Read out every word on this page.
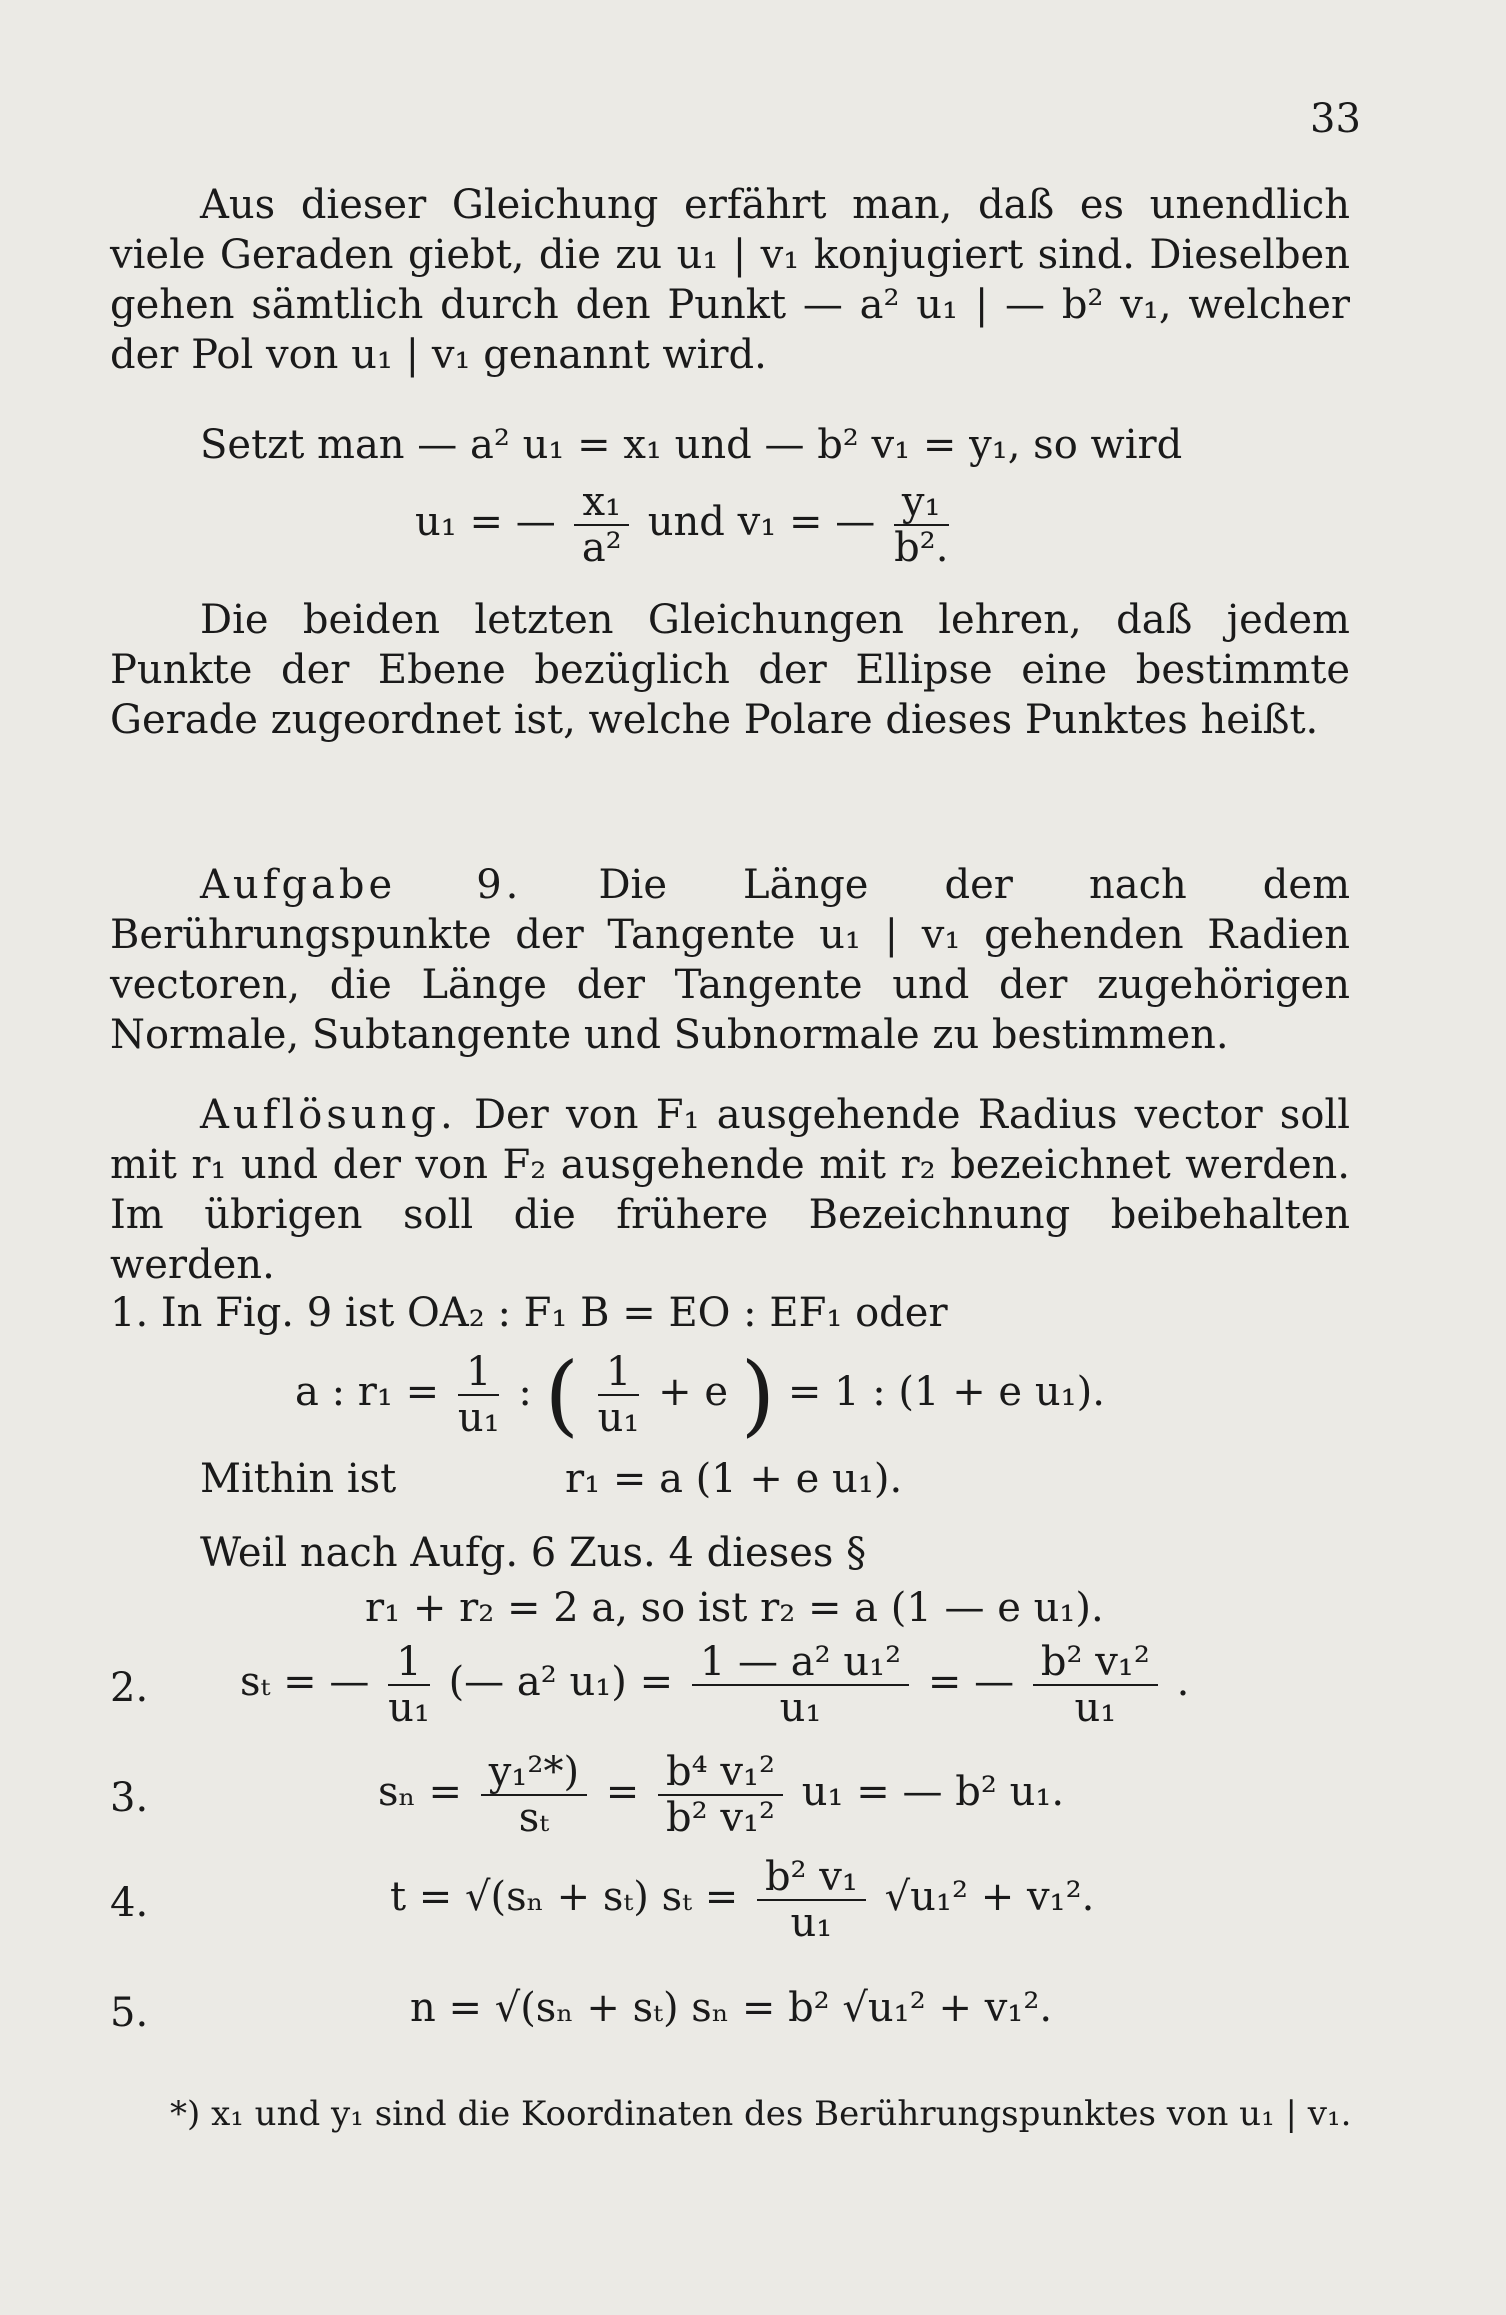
33
Aus dieser Gleichung erfährt man, daß es unendlich viele Geraden giebt, die zu u₁ | v₁ konjugiert sind. Dieselben gehen sämtlich durch den Punkt — a² u₁ | — b² v₁, welcher der Pol von u₁ | v₁ genannt wird.
Setzt man — a² u₁ = x₁ und — b² v₁ = y₁, so wird
u₁ = — $\frac{\text{x₁}}{\text{a²}}$ und v₁ = — $\frac{\text{y₁}}{\text{b².}}$
Die beiden letzten Gleichungen lehren, daß jedem Punkte der Ebene bezüglich der Ellipse eine bestimmte Gerade zugeordnet ist, welche Polare dieses Punktes heißt.
Aufgabe 9. Die Länge der nach dem Berührungspunkte der Tangente u₁ | v₁ gehenden Radien vectoren, die Länge der Tangente und der zugehörigen Normale, Subtangente und Subnormale zu bestimmen.
Auflösung. Der von F₁ ausgehende Radius vector soll mit r₁ und der von F₂ ausgehende mit r₂ bezeichnet werden. Im übrigen soll die frühere Bezeichnung beibehalten werden.
1. In Fig. 9 ist OA₂ : F₁ B = EO : EF₁ oder
a : $r_1 = \frac{1}{\text{u₁}}$ : ( $\frac{1}{\text{u₁}} + e$ ) = 1 : (1 + e u₁).
Mithin ist	r₁ = a (1 + e u₁).
Weil nach Aufg. 6 Zus. 4 dieses §
r₁ + r₂ = 2 a, so ist r₂ = a (1 — e u₁).
2. sₜ = — $\frac{1}{\text{u₁}}$ (— a² $u_1) = \frac{\text{1 — a² u₁²}}{\text{u₁}}$ = — $\frac{\text{b² v₁²}}{\text{u₁}}$ .
3.	$s_n = \frac{\text{y₁²*)}}{\text{sₜ}} = \frac{\text{b⁴ v₁²}}{\text{b² v₁²}} u_1$ = — b² u₁.
4.	t = √(sₙ + sₜ) $s_t = \frac{\text{b² v₁}}{\text{u₁}} √u_1^2 + v_1^2$.
5.	n = √(sₙ + sₜ) sₙ = b² √u₁² + v₁².
*) x₁ und y₁ sind die Koordinaten des Berührungspunktes von u₁ | v₁.
